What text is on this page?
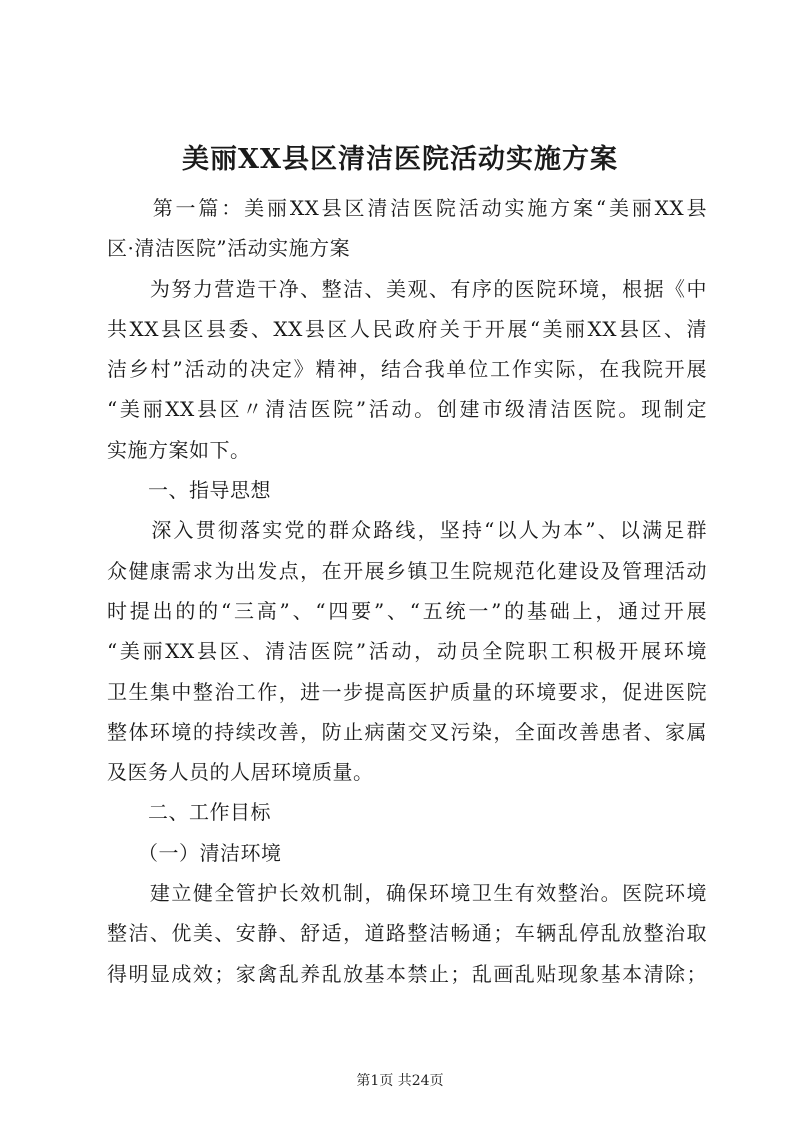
美丽XX县区清洁医院活动实施方案
　　第一篇：美丽XX县区清洁医院活动实施方案“美丽XX县
区·清洁医院”活动实施方案
　　为努力营造干净、整洁、美观、有序的医院环境，根据《中
共XX县区县委、XX县区人民政府关于开展“美丽XX县区、清
洁乡村”活动的决定》精神，结合我单位工作实际，在我院开展
“美丽XX县区〃清洁医院”活动。创建市级清洁医院。现制定
实施方案如下。
　　一、指导思想
　　深入贯彻落实党的群众路线，坚持“以人为本”、以满足群
众健康需求为出发点，在开展乡镇卫生院规范化建设及管理活动
时提出的的“三高”、“四要”、“五统一”的基础上，通过开展
“美丽XX县区、清洁医院”活动，动员全院职工积极开展环境
卫生集中整治工作，进一步提高医护质量的环境要求，促进医院
整体环境的持续改善，防止病菌交叉污染，全面改善患者、家属
及医务人员的人居环境质量。
　　二、工作目标
　　（一）清洁环境
　　建立健全管护长效机制，确保环境卫生有效整治。医院环境
整洁、优美、安静、舒适，道路整洁畅通；车辆乱停乱放整治取
得明显成效；家禽乱养乱放基本禁止；乱画乱贴现象基本清除；
第1页 共24页
